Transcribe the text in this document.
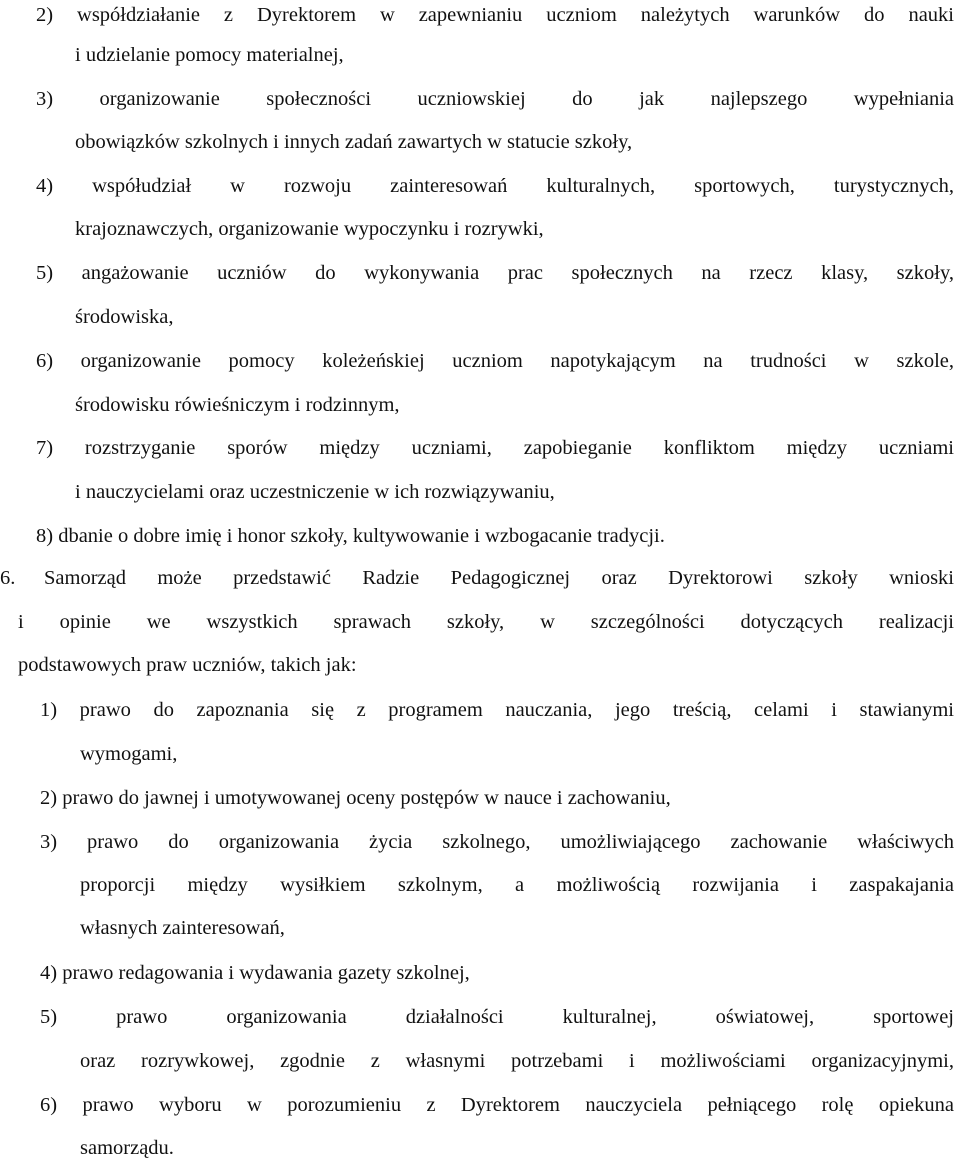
2) współdziałanie z Dyrektorem w zapewnianiu uczniom należytych warunków do nauki
i udzielanie pomocy materialnej,
3) organizowanie społeczności uczniowskiej do jak najlepszego wypełniania
obowiązków szkolnych i innych zadań zawartych w statucie szkoły,
4) współudział w rozwoju zainteresowań kulturalnych, sportowych, turystycznych,
krajoznawczych, organizowanie wypoczynku i rozrywki,
5) angażowanie uczniów do wykonywania prac społecznych na rzecz klasy, szkoły,
środowiska,
6) organizowanie pomocy koleżeńskiej uczniom napotykającym na trudności w szkole,
środowisku rówieśniczym i rodzinnym,
7) rozstrzyganie sporów między uczniami, zapobieganie konfliktom między uczniami
i nauczycielami oraz uczestniczenie w ich rozwiązywaniu,
8) dbanie o dobre imię i honor szkoły, kultywowanie i wzbogacanie tradycji.
6. Samorząd może przedstawić Radzie Pedagogicznej oraz Dyrektorowi szkoły wnioski
i opinie we wszystkich sprawach szkoły, w szczególności dotyczących realizacji
podstawowych praw uczniów, takich jak:
1) prawo do zapoznania się z programem nauczania, jego treścią, celami i stawianymi
wymogami,
2) prawo do jawnej i umotywowanej oceny postępów w nauce i zachowaniu,
3) prawo do organizowania życia szkolnego, umożliwiającego zachowanie właściwych
proporcji między wysiłkiem szkolnym, a możliwością rozwijania i zaspakajania
własnych zainteresowań,
4) prawo redagowania i wydawania gazety szkolnej,
5) prawo organizowania działalności kulturalnej, oświatowej, sportowej
oraz rozrywkowej, zgodnie z własnymi potrzebami i możliwościami organizacyjnymi,
6) prawo wyboru w porozumieniu z Dyrektorem nauczyciela pełniącego rolę opiekuna
samorządu.
